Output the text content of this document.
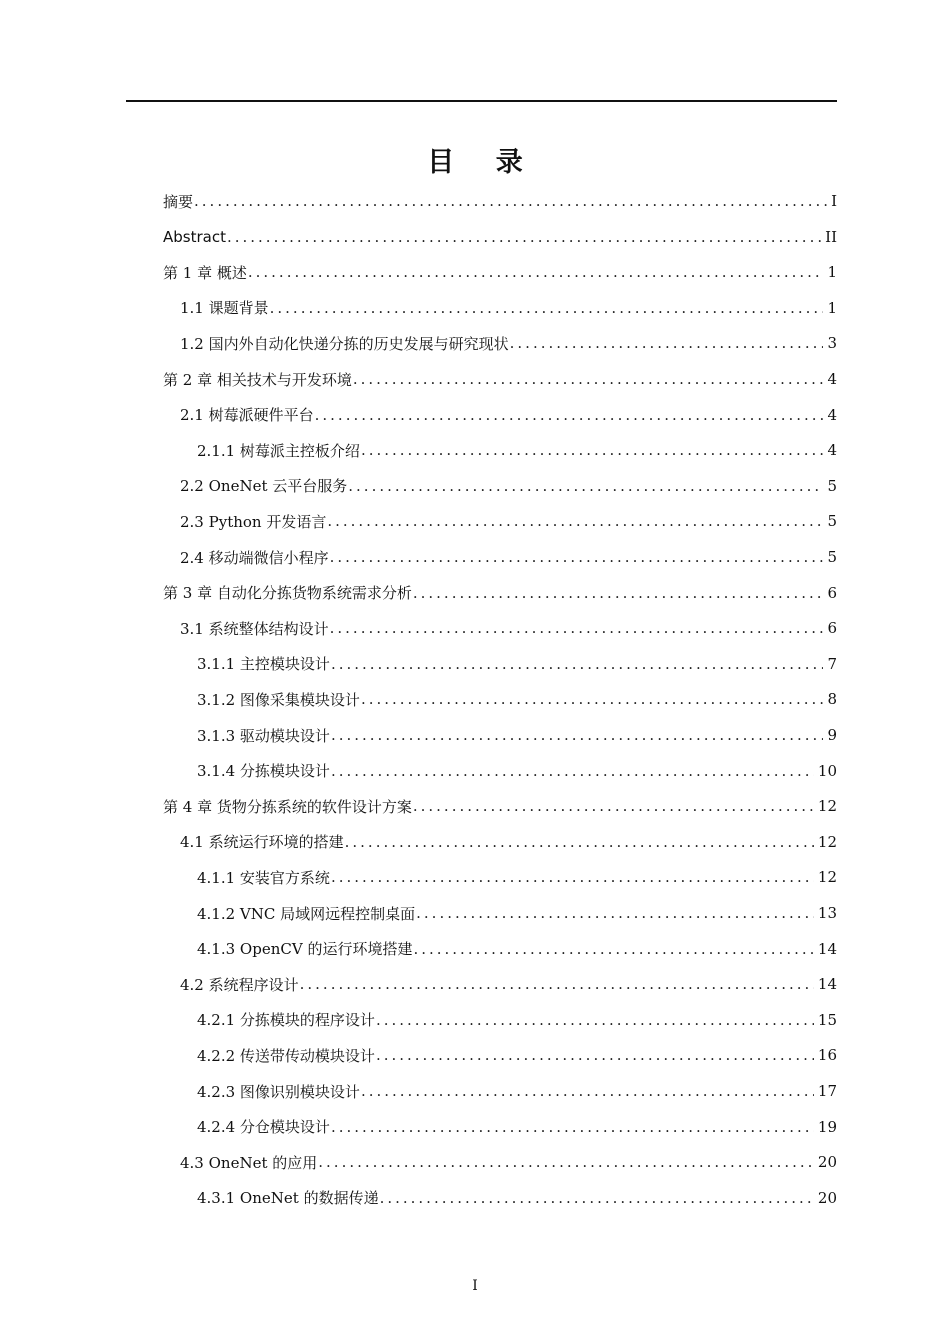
目 录
摘要 .....	I
Abstract .....	II
第 1 章 概述 .....	1
1.1 课题背景 .....	1
1.2 国内外自动化快递分拣的历史发展与研究现状 .....	3
第 2 章 相关技术与开发环境 .....	4
2.1 树莓派硬件平台 .....	4
2.1.1 树莓派主控板介绍 .....	4
2.2 OneNet 云平台服务 .....	5
2.3 Python 开发语言 .....	5
2.4 移动端微信小程序 .....	5
第 3 章 自动化分拣货物系统需求分析 .....	6
3.1 系统整体结构设计 .....	6
3.1.1 主控模块设计 .....	7
3.1.2 图像采集模块设计 .....	8
3.1.3 驱动模块设计 .....	9
3.1.4 分拣模块设计 .....	10
第 4 章 货物分拣系统的软件设计方案 .....	12
4.1 系统运行环境的搭建 .....	12
4.1.1 安装官方系统 .....	12
4.1.2 VNC 局域网远程控制桌面 .....	13
4.1.3 OpenCV 的运行环境搭建 .....	14
4.2 系统程序设计 .....	14
4.2.1 分拣模块的程序设计 .....	15
4.2.2 传送带传动模块设计 .....	16
4.2.3 图像识别模块设计 .....	17
4.2.4 分仓模块设计 .....	19
4.3 OneNet 的应用 .....	20
4.3.1 OneNet 的数据传递 .....	20
I
